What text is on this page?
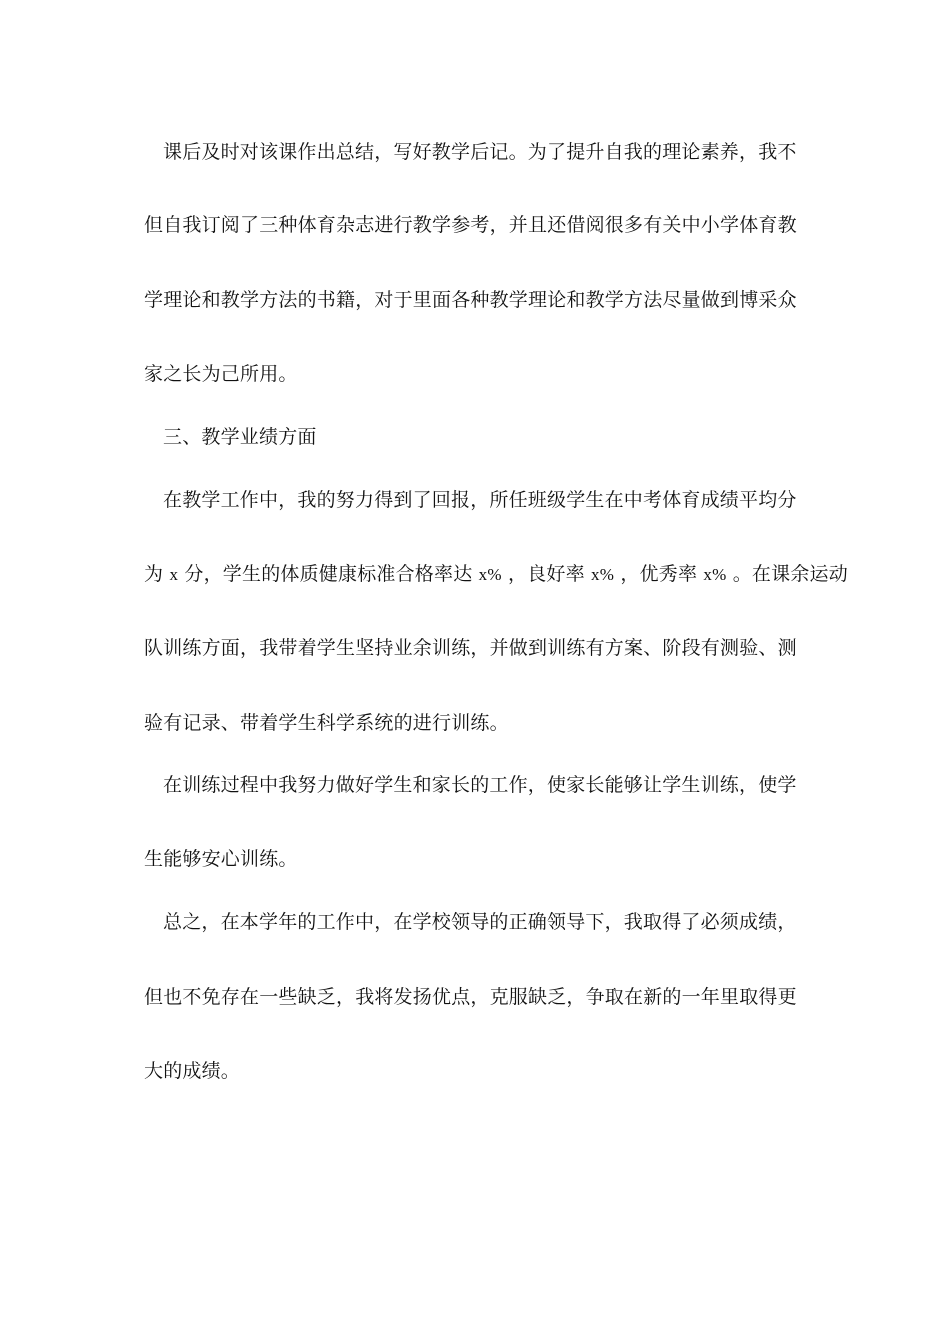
课后及时对该课作出总结，写好教学后记。为了提升自我的理论素养，我不
但自我订阅了三种体育杂志进行教学参考，并且还借阅很多有关中小学体育教
学理论和教学方法的书籍，对于里面各种教学理论和教学方法尽量做到博采众
家之长为己所用。
三、教学业绩方面
在教学工作中，我的努力得到了回报，所任班级学生在中考体育成绩平均分
为 x 分，学生的体质健康标准合格率达 x% ，良好率 x% ，优秀率 x% 。在课余运动
队训练方面，我带着学生坚持业余训练，并做到训练有方案、阶段有测验、测
验有记录、带着学生科学系统的进行训练。
在训练过程中我努力做好学生和家长的工作，使家长能够让学生训练，使学
生能够安心训练。
总之，在本学年的工作中，在学校领导的正确领导下，我取得了必须成绩，
但也不免存在一些缺乏，我将发扬优点，克服缺乏，争取在新的一年里取得更
大的成绩。
